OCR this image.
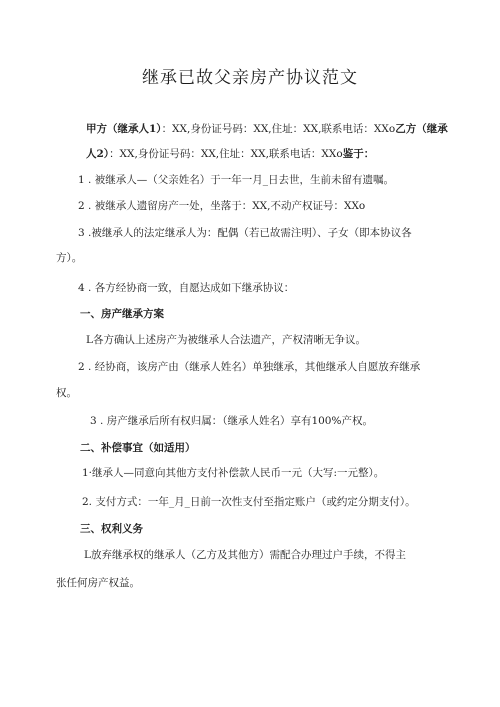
继承已故父亲房产协议范文
甲方（继承人1）：XX,身份证号码：XX,住址：XX,联系电话：XXo乙方（继承
人2）：XX,身份证号码：XX,住址：XX,联系电话：XXo鉴于：
1 . 被继承人—（父亲姓名）于一年一月_日去世，生前未留有遗嘱。
2 . 被继承人遗留房产一处，坐落于：XX,不动产权证号：XXo
3 .被继承人的法定继承人为：配偶（若已故需注明）、子女（即本协议各
方）。
4 . 各方经协商一致，自愿达成如下继承协议：
一、房产继承方案
L各方确认上述房产为被继承人合法遗产，产权清晰无争议。
2 . 经协商，该房产由（继承人姓名）单独继承，其他继承人自愿放弃继承
权。
3 . 房产继承后所有权归属：（继承人姓名）享有100%产权。
二、补偿事宜（如适用）
1·继承人—同意向其他方支付补偿款人民币一元（大写:一元整）。
2. 支付方式：一年_月_日前一次性支付至指定账户（或约定分期支付）。
三、权利义务
L放弃继承权的继承人（乙方及其他方）需配合办理过户手续，不得主
张任何房产权益。
